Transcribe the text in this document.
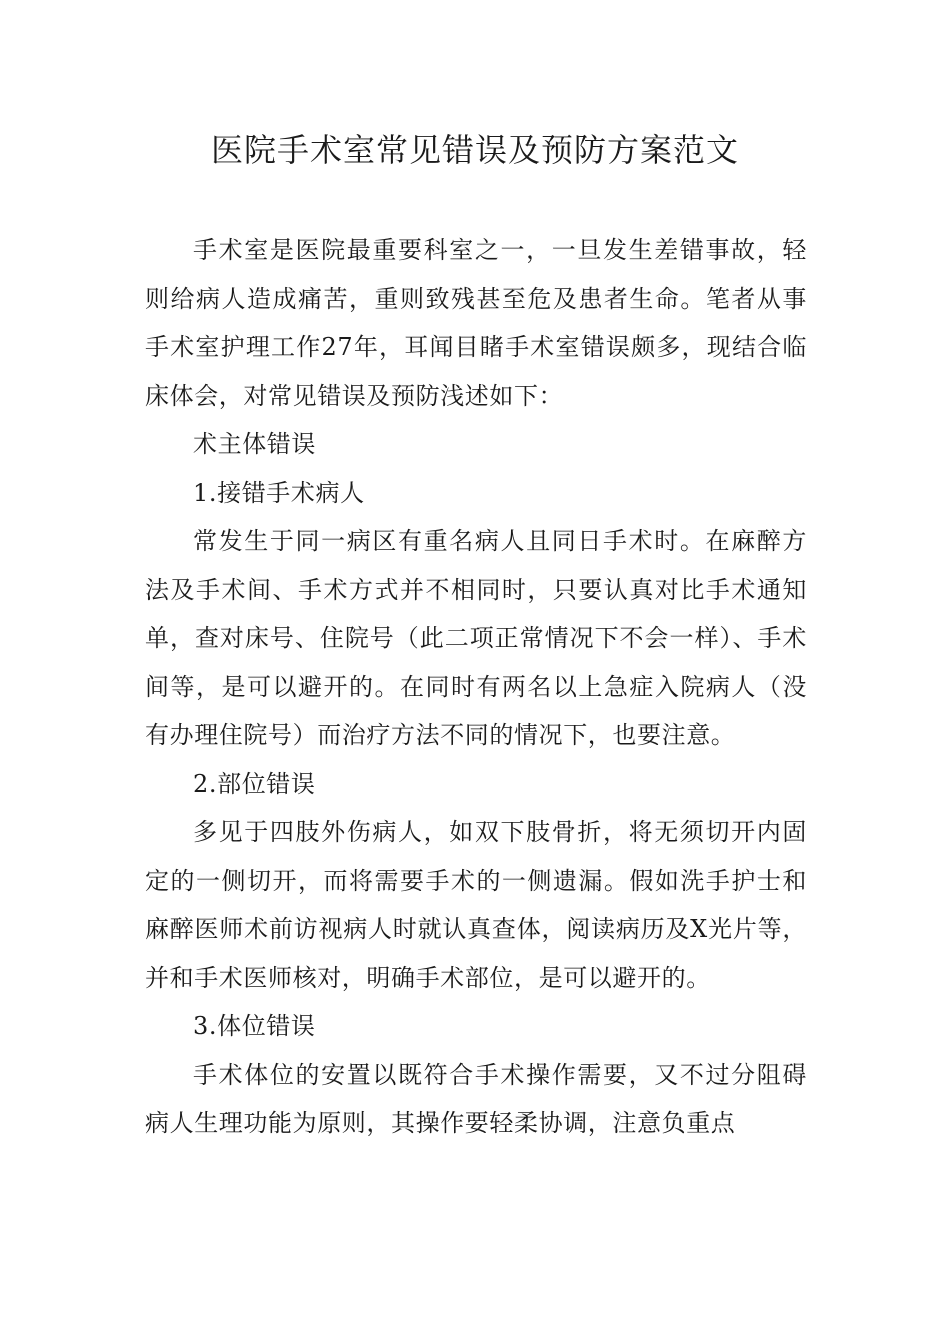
医院手术室常见错误及预防方案范文

手术室是医院最重要科室之一，一旦发生差错事故，轻则给病人造成痛苦，重则致残甚至危及患者生命。笔者从事手术室护理工作27年，耳闻目睹手术室错误颇多，现结合临床体会，对常见错误及预防浅述如下：

术主体错误

1.接错手术病人

常发生于同一病区有重名病人且同日手术时。在麻醉方法及手术间、手术方式并不相同时，只要认真对比手术通知单，查对床号、住院号（此二项正常情况下不会一样）、手术间等，是可以避开的。在同时有两名以上急症入院病人（没有办理住院号）而治疗方法不同的情况下，也要注意。

2.部位错误

多见于四肢外伤病人，如双下肢骨折，将无须切开内固定的一侧切开，而将需要手术的一侧遗漏。假如洗手护士和麻醉医师术前访视病人时就认真查体，阅读病历及X光片等，并和手术医师核对，明确手术部位，是可以避开的。

3.体位错误

手术体位的安置以既符合手术操作需要，又不过分阻碍病人生理功能为原则，其操作要轻柔协调，注意负重点
